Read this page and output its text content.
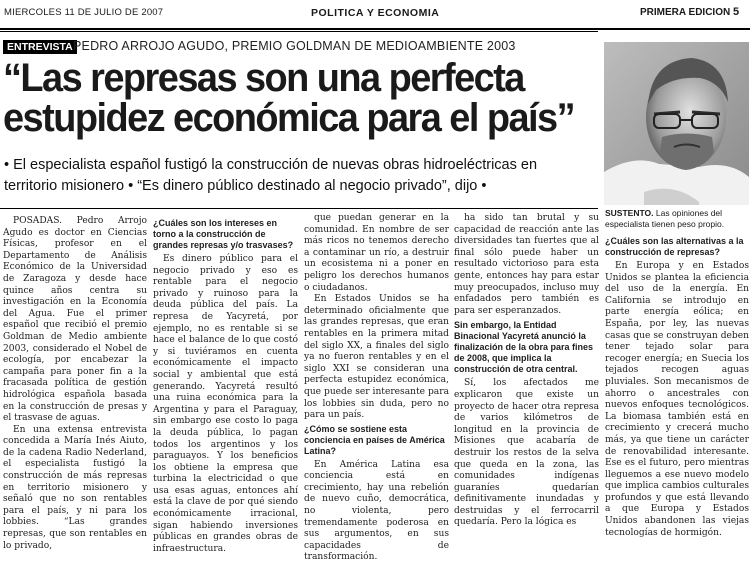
MIERCOLES 11 DE JULIO DE 2007	POLITICA Y ECONOMIA	PRIMERA EDICION 5
ENTREVISTA PEDRO ARROJO AGUDO, PREMIO GOLDMAN DE MEDIOAMBIENTE 2003
“Las represas son una perfecta
estupidez económica para el país”
• El especialista español fustigó la construcción de nuevas obras hidroeléctricas en
territorio misionero • “Es dinero público destinado al negocio privado”, dijo •
SUSTENTO. Las opiniones del especialista tienen peso propio.

POSADAS. Pedro Arrojo Agudo es doctor en Ciencias Físicas, profesor en el Departamento de Análisis Económico de la Universidad de Zaragoza y desde hace quince años centra su investigación en la Economía del Agua. Fue el primer español que recibió el premio Goldman de Medio ambiente 2003, considerado el Nobel de ecología, por encabezar la campaña para poner fin a la fracasada política de gestión hidrológica española basada en la construcción de presas y el trasvase de aguas.

En una extensa entrevista concedida a María Inés Aiuto, de la cadena Radio Nederland, el especialista fustigó la construcción de más represas en territorio misionero y señaló que no son rentables para el país, y ni para los lobbies. “Las grandes represas, que son rentables en lo privado,

¿Cuáles son los intereses en torno a la construcción de grandes represas y/o trasvases?

Es dinero público para el negocio privado y eso es rentable para el negocio privado y ruinoso para la deuda pública del país. La represa de Yacyretá, por ejemplo, no es rentable si se hace el balance de lo que costó y si tuviéramos en cuenta económicamente el impacto social y ambiental que está generando. Yacyretá resultó una ruina económica para la Argentina y para el Paraguay, sin embargo ese costo lo paga la deuda pública, lo pagan todos los argentinos y los paraguayos. Y los beneficios los obtiene la empresa que turbina la electricidad o que usa esas aguas, entonces ahí está la clave de por qué siendo económicamente irracional, sigan habiendo inversiones públicas en grandes obras de infraestructura.

que puedan generar en la comunidad. En nombre de ser más ricos no tenemos derecho a contaminar un río, a destruir un ecosistema ni a poner en peligro los derechos humanos o ciudadanos.

En Estados Unidos se ha determinado oficialmente que las grandes represas, que eran rentables en la primera mitad del siglo XX, a finales del siglo ya no fueron rentables y en el siglo XXI se consideran una perfecta estupidez económica, que puede ser interesante para los lobbies sin duda, pero no para un país.

¿Cómo se sostiene esta conciencia en países de América Latina?

En América Latina esa conciencia está en crecimiento, hay una rebelión de nuevo cuño, democrática, no violenta, pero tremendamente poderosa en sus argumentos, en sus capacidades de transformación.

ha sido tan brutal y su capacidad de reacción ante las diversidades tan fuertes que al final sólo puede haber un resultado victorioso para esta gente, entonces hay para estar muy preocupados, incluso muy enfadados pero también es para ser esperanzados.

Sin embargo, la Entidad Binacional Yacyretá anunció la finalización de la obra para fines de 2008, que implica la construcción de otra central.

Sí, los afectados me explicaron que existe un proyecto de hacer otra represa de varios kilómetros de longitud en la provincia de Misiones que acabaría de destruir los restos de la selva que queda en la zona, las comunidades indígenas guaraníes quedarían definitivamente inundadas y destruidas y el ferrocarril quedaría. Pero la lógica es

¿Cuáles son las alternativas a la construcción de represas?

En Europa y en Estados Unidos se plantea la eficiencia del uso de la energía. En California se introdujo en parte energía eólica; en España, por ley, las nuevas casas que se construyan deben tener tejado solar para recoger energía; en Suecia los tejados recogen aguas pluviales. Son mecanismos de ahorro o ancestrales con nuevos enfoques tecnológicos. La biomasa también está en crecimiento y crecerá mucho más, ya que tiene un carácter de renovabilidad interesante. Ese es el futuro, pero mientras lleguemos a ese nuevo modelo que implica cambios culturales profundos y que está llevando a que Europa y Estados Unidos abandonen las viejas tecnologías de hormigón.
